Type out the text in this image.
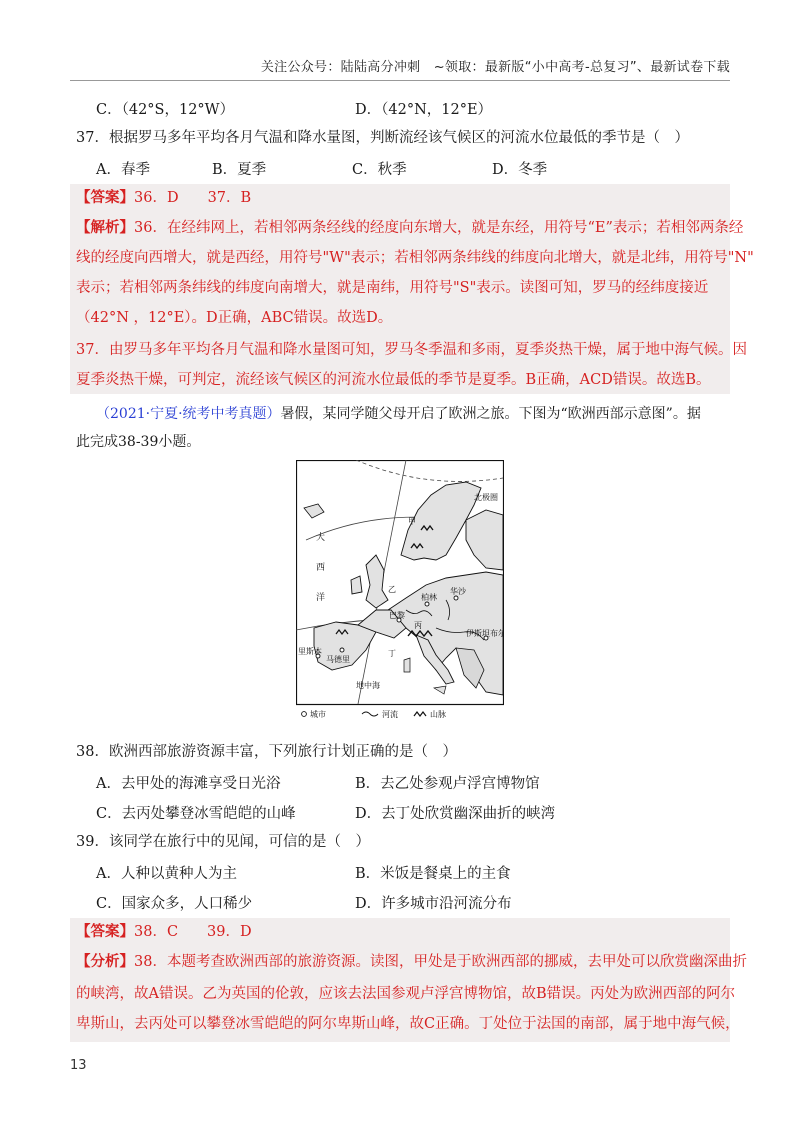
关注公众号：陆陆高分冲刺　~领取：最新版“小中高考-总复习”、最新试卷下载
C．（42°S，12°W）	D．（42°N，12°E）
37．根据罗马多年平均各月气温和降水量图，判断流经该气候区的河流水位最低的季节是（　）
A．春季	B．夏季	C．秋季	D．冬季
【答案】36．D　　37．B
【解析】36．在经纬网上，若相邻两条经线的经度向东增大，就是东经，用符号“E”表示；若相邻两条经
线的经度向西增大，就是西经，用符号"W"表示；若相邻两条纬线的纬度向北增大，就是北纬，用符号"N"
表示；若相邻两条纬线的纬度向南增大，就是南纬，用符号"S"表示。读图可知，罗马的经纬度接近
（42°N ，12°E）。D正确，ABC错误。故选D。
37．由罗马多年平均各月气温和降水量图可知，罗马冬季温和多雨，夏季炎热干燥，属于地中海气候。因
夏季炎热干燥，可判定，流经该气候区的河流水位最低的季节是夏季。B正确，ACD错误。故选B。
（2021·宁夏·统考中考真题）暑假，某同学随父母开启了欧洲之旅。下图为“欧洲西部示意图”。据
此完成38-39小题。
北极圈
大
西
洋
甲
乙
丙
丁
柏林
华沙
巴黎
伊斯坦布尔
里斯本
马德里
地中海
城市	河流	山脉
38．欧洲西部旅游资源丰富，下列旅行计划正确的是（　）
A．去甲处的海滩享受日光浴	B．去乙处参观卢浮宫博物馆
C．去丙处攀登冰雪皑皑的山峰	D．去丁处欣赏幽深曲折的峡湾
39．该同学在旅行中的见闻，可信的是（　）
A．人种以黄种人为主	B．米饭是餐桌上的主食
C．国家众多，人口稀少	D．许多城市沿河流分布
【答案】38．C　　39．D
【分析】38．本题考查欧洲西部的旅游资源。读图，甲处是于欧洲西部的挪威，去甲处可以欣赏幽深曲折
的峡湾，故A错误。乙为英国的伦敦，应该去法国参观卢浮宫博物馆，故B错误。丙处为欧洲西部的阿尔
卑斯山，去丙处可以攀登冰雪皑皑的阿尔卑斯山峰，故C正确。丁处位于法国的南部，属于地中海气候，
13
